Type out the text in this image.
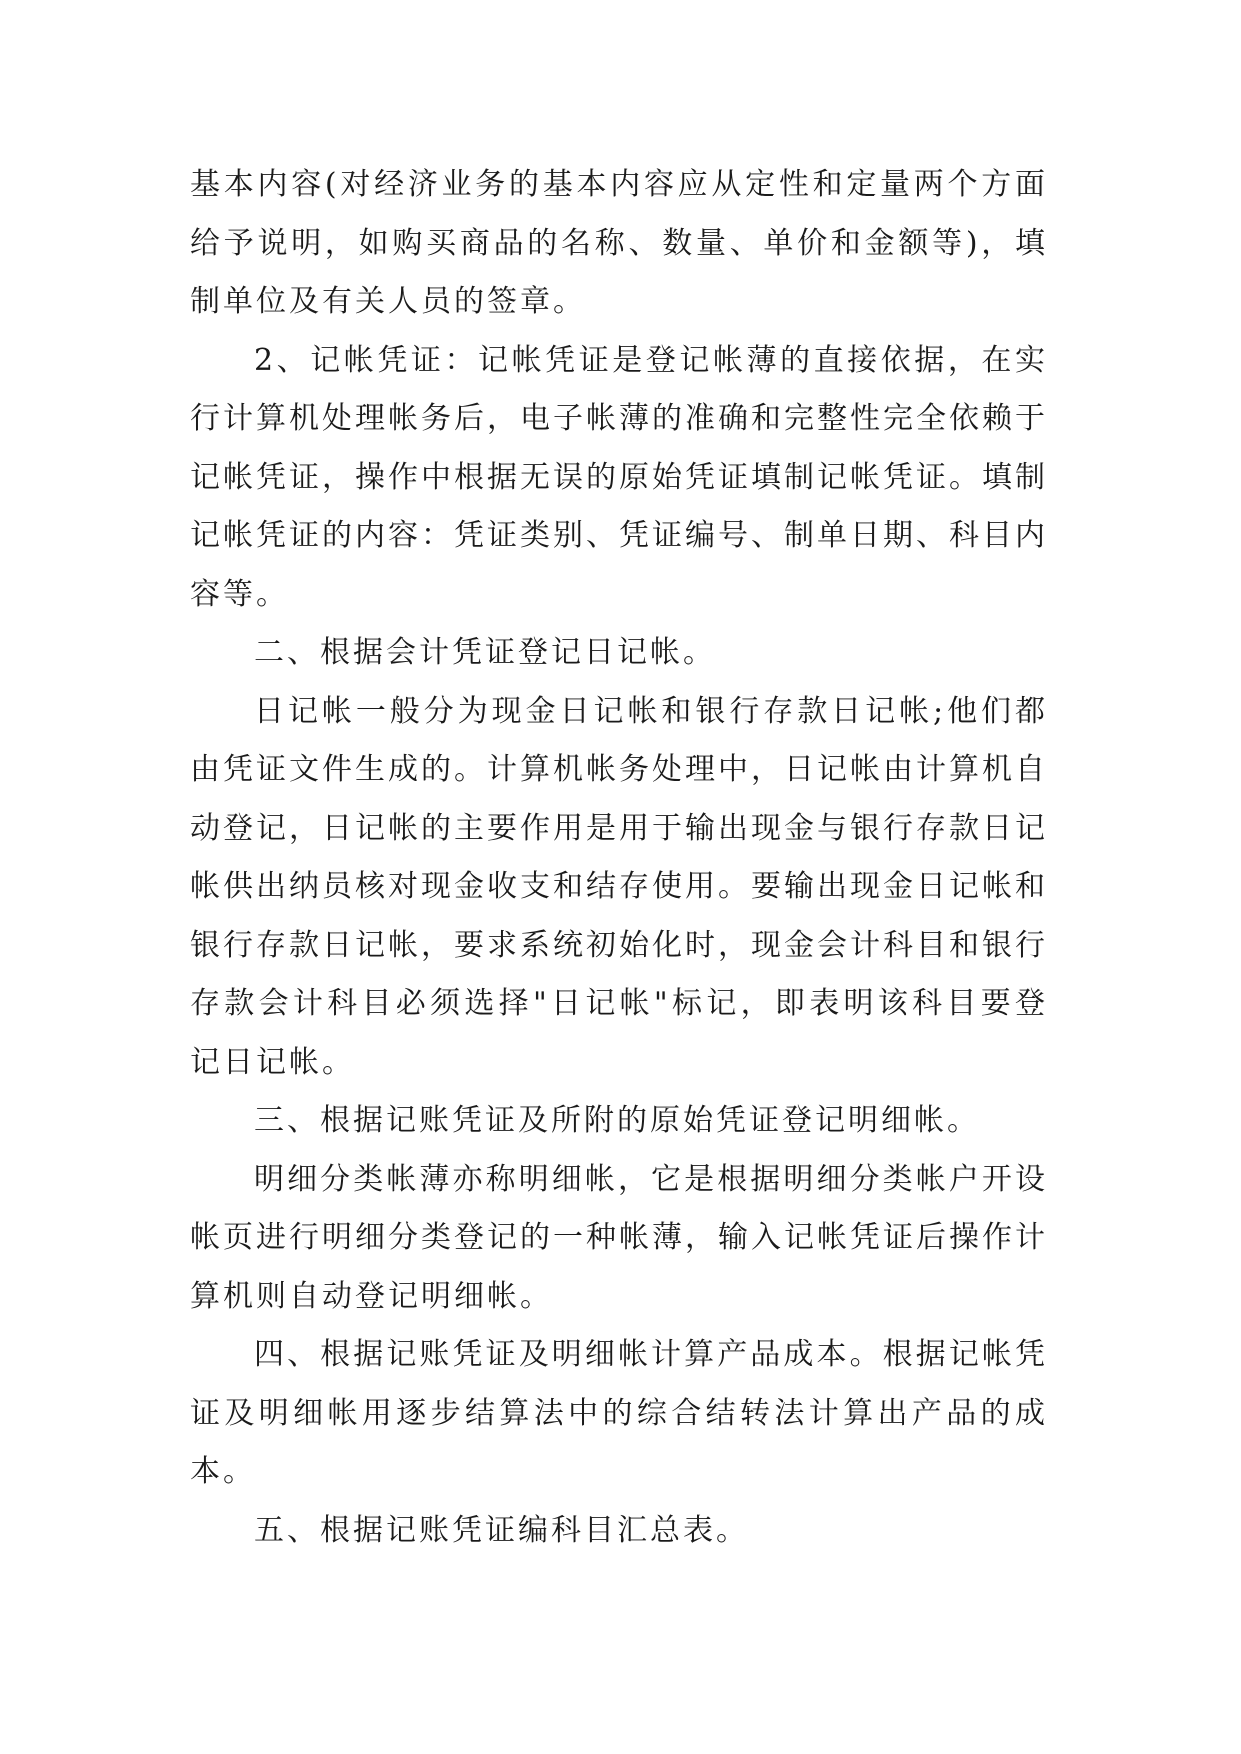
基本内容(对经济业务的基本内容应从定性和定量两个方面给予说明，如购买商品的名称、数量、单价和金额等)，填制单位及有关人员的签章。

2、记帐凭证：记帐凭证是登记帐薄的直接依据，在实行计算机处理帐务后，电子帐薄的准确和完整性完全依赖于记帐凭证，操作中根据无误的原始凭证填制记帐凭证。填制记帐凭证的内容：凭证类别、凭证编号、制单日期、科目内容等。

二、根据会计凭证登记日记帐。

日记帐一般分为现金日记帐和银行存款日记帐;他们都由凭证文件生成的。计算机帐务处理中，日记帐由计算机自动登记，日记帐的主要作用是用于输出现金与银行存款日记帐供出纳员核对现金收支和结存使用。要输出现金日记帐和银行存款日记帐，要求系统初始化时，现金会计科目和银行存款会计科目必须选择"日记帐"标记，即表明该科目要登记日记帐。

三、根据记账凭证及所附的原始凭证登记明细帐。

明细分类帐薄亦称明细帐，它是根据明细分类帐户开设帐页进行明细分类登记的一种帐薄，输入记帐凭证后操作计算机则自动登记明细帐。

四、根据记账凭证及明细帐计算产品成本。根据记帐凭证及明细帐用逐步结算法中的综合结转法计算出产品的成本。

五、根据记账凭证编科目汇总表。
